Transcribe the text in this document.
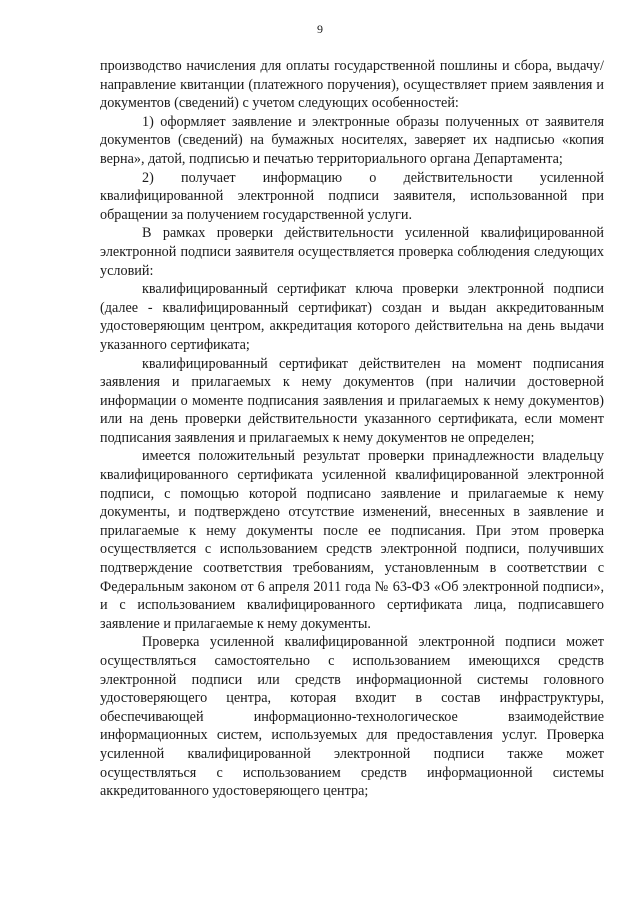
9

производство начисления для оплаты государственной пошлины и сбора, выдачу/направление квитанции (платежного поручения), осуществляет прием заявления и документов (сведений) с учетом следующих особенностей:

1) оформляет заявление и электронные образы полученных от заявителя документов (сведений) на бумажных носителях, заверяет их надписью «копия верна», датой, подписью и печатью территориального органа Департамента;

2) получает информацию о действительности усиленной квалифицированной электронной подписи заявителя, использованной при обращении за получением государственной услуги.

В рамках проверки действительности усиленной квалифицированной электронной подписи заявителя осуществляется проверка соблюдения следующих условий:

квалифицированный сертификат ключа проверки электронной подписи (далее - квалифицированный сертификат) создан и выдан аккредитованным удостоверяющим центром, аккредитация которого действительна на день выдачи указанного сертификата;

квалифицированный сертификат действителен на момент подписания заявления и прилагаемых к нему документов (при наличии достоверной информации о моменте подписания заявления и прилагаемых к нему документов) или на день проверки действительности указанного сертификата, если момент подписания заявления и прилагаемых к нему документов не определен;

имеется положительный результат проверки принадлежности владельцу квалифицированного сертификата усиленной квалифицированной электронной подписи, с помощью которой подписано заявление и прилагаемые к нему документы, и подтверждено отсутствие изменений, внесенных в заявление и прилагаемые к нему документы после ее подписания. При этом проверка осуществляется с использованием средств электронной подписи, получивших подтверждение соответствия требованиям, установленным в соответствии с Федеральным законом от 6 апреля 2011 года № 63-ФЗ «Об электронной подписи», и с использованием квалифицированного сертификата лица, подписавшего заявление и прилагаемые к нему документы.

Проверка усиленной квалифицированной электронной подписи может осуществляться самостоятельно с использованием имеющихся средств электронной подписи или средств информационной системы головного удостоверяющего центра, которая входит в состав инфраструктуры, обеспечивающей информационно-технологическое взаимодействие информационных систем, используемых для предоставления услуг. Проверка усиленной квалифицированной электронной подписи также может осуществляться с использованием средств информационной системы аккредитованного удостоверяющего центра;
